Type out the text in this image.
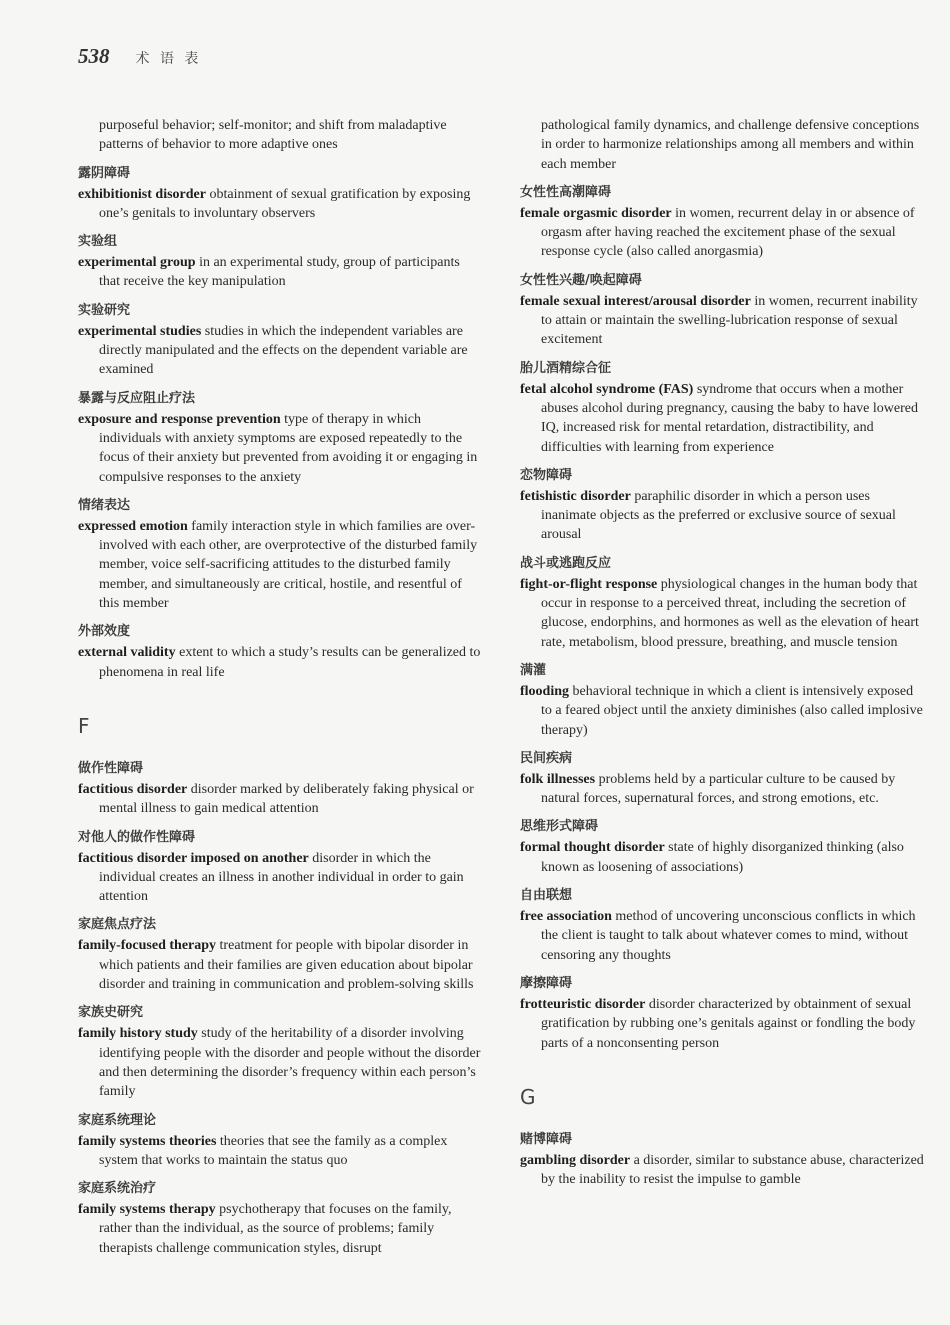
538 术 语 表

purposeful behavior; self-monitor; and shift from maladaptive patterns of behavior to more adaptive ones

露阴障碍

exhibitionist disorder obtainment of sexual gratification by exposing one’s genitals to involuntary observers

实验组

experimental group in an experimental study, group of participants that receive the key manipulation

实验研究

experimental studies studies in which the independent variables are directly manipulated and the effects on the dependent variable are examined

暴露与反应阻止疗法

exposure and response prevention type of therapy in which individuals with anxiety symptoms are exposed repeatedly to the focus of their anxiety but prevented from avoiding it or engaging in compulsive responses to the anxiety

情绪表达

expressed emotion family interaction style in which families are over-involved with each other, are overprotective of the disturbed family member, voice self-sacrificing attitudes to the disturbed family member, and simultaneously are critical, hostile, and resentful of this member

外部效度

external validity extent to which a study’s results can be generalized to phenomena in real life

F
做作性障碍

factitious disorder disorder marked by deliberately faking physical or mental illness to gain medical attention

对他人的做作性障碍

factitious disorder imposed on another disorder in which the individual creates an illness in another individual in order to gain attention

家庭焦点疗法

family-focused therapy treatment for people with bipolar disorder in which patients and their families are given education about bipolar disorder and training in communication and problem-solving skills

家族史研究

family history study study of the heritability of a disorder involving identifying people with the disorder and people without the disorder and then determining the disorder’s frequency within each person’s family

家庭系统理论

family systems theories theories that see the family as a complex system that works to maintain the status quo

家庭系统治疗

family systems therapy psychotherapy that focuses on the family, rather than the individual, as the source of problems; family therapists challenge communication styles, disrupt

pathological family dynamics, and challenge defensive conceptions in order to harmonize relationships among all members and within each member

女性性高潮障碍

female orgasmic disorder in women, recurrent delay in or absence of orgasm after having reached the excitement phase of the sexual response cycle (also called anorgasmia)

女性性兴趣/唤起障碍

female sexual interest/arousal disorder in women, recurrent inability to attain or maintain the swelling-lubrication response of sexual excitement

胎儿酒精综合征

fetal alcohol syndrome (FAS) syndrome that occurs when a mother abuses alcohol during pregnancy, causing the baby to have lowered IQ, increased risk for mental retardation, distractibility, and difficulties with learning from experience

恋物障碍

fetishistic disorder paraphilic disorder in which a person uses inanimate objects as the preferred or exclusive source of sexual arousal

战斗或逃跑反应

fight-or-flight response physiological changes in the human body that occur in response to a perceived threat, including the secretion of glucose, endorphins, and hormones as well as the elevation of heart rate, metabolism, blood pressure, breathing, and muscle tension

满灌

flooding behavioral technique in which a client is intensively exposed to a feared object until the anxiety diminishes (also called implosive therapy)

民间疾病

folk illnesses problems held by a particular culture to be caused by natural forces, supernatural forces, and strong emotions, etc.

思维形式障碍

formal thought disorder state of highly disorganized thinking (also known as loosening of associations)

自由联想

free association method of uncovering unconscious conflicts in which the client is taught to talk about whatever comes to mind, without censoring any thoughts

摩擦障碍

frotteuristic disorder disorder characterized by obtainment of sexual gratification by rubbing one’s genitals against or fondling the body parts of a nonconsenting person

G
赌博障碍

gambling disorder a disorder, similar to substance abuse, characterized by the inability to resist the impulse to gamble
